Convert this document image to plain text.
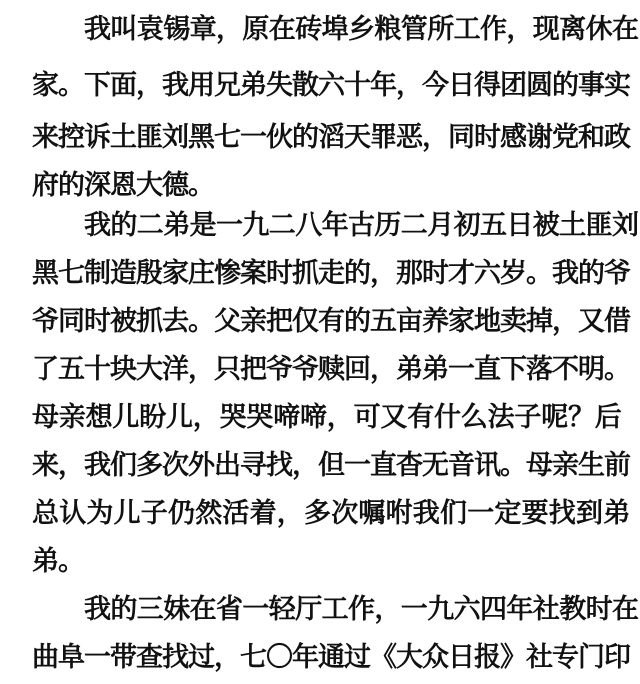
我叫袁锡章，原在砖埠乡粮管所工作，现离休在
家。下面，我用兄弟失散六十年，今日得团圆的事实
来控诉土匪刘黑七一伙的滔天罪恶，同时感谢党和政
府的深恩大德。
我的二弟是一九二八年古历二月初五日被土匪刘
黑七制造殷家庄惨案时抓走的，那时才六岁。我的爷
爷同时被抓去。父亲把仅有的五亩养家地卖掉，又借
了五十块大洋，只把爷爷赎回，弟弟一直下落不明。
母亲想儿盼儿，哭哭啼啼，可又有什么法子呢？后
来，我们多次外出寻找，但一直杳无音讯。母亲生前
总认为儿子仍然活着，多次嘱咐我们一定要找到弟
弟。
我的三妹在省一轻厅工作，一九六四年社教时在
曲阜一带查找过，七〇年通过《大众日报》社专门印
